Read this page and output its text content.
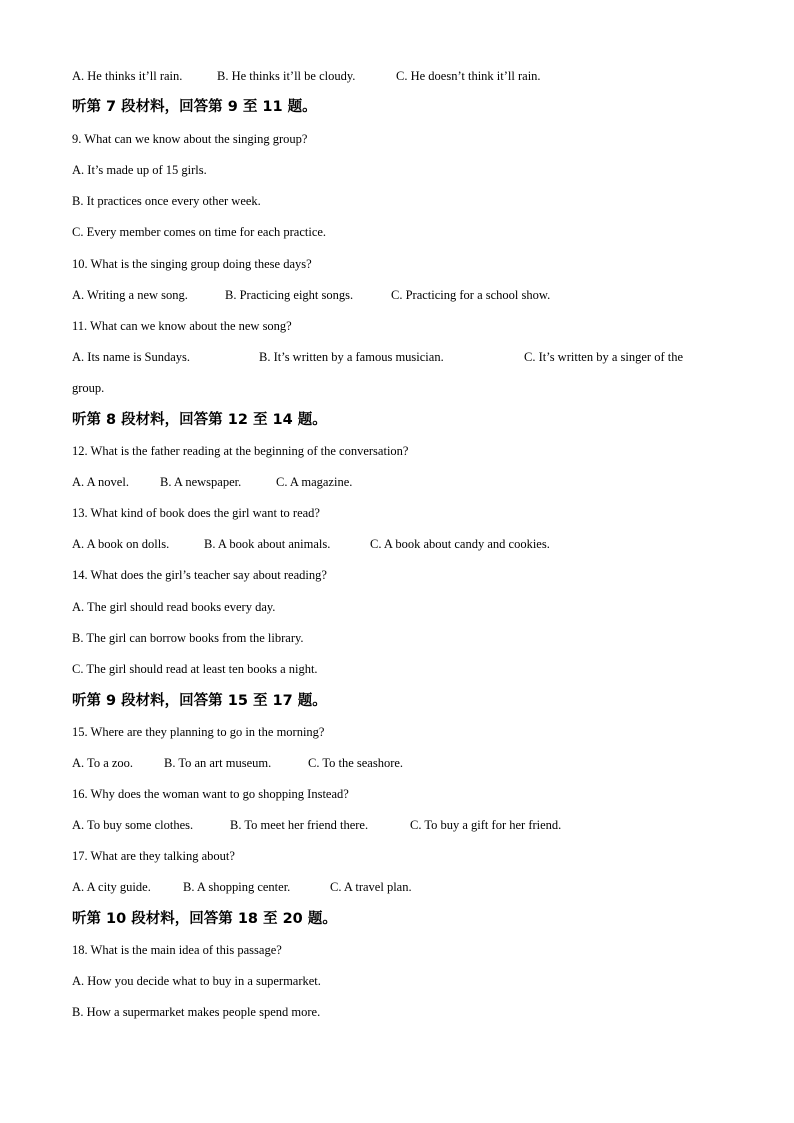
A. He thinks it’ll rain.	B. He thinks it’ll be cloudy.	C. He doesn’t think it’ll rain.
听第 7 段材料，回答第 9 至 11 题。
9. What can we know about the singing group?
A. It’s made up of 15 girls.
B. It practices once every other week.
C. Every member comes on time for each practice.
10. What is the singing group doing these days?
A. Writing a new song.	B. Practicing eight songs.	C. Practicing for a school show.
11. What can we know about the new song?
A. Its name is Sundays.	B. It’s written by a famous musician.	C. It’s written by a singer of the
group.
听第 8 段材料，回答第 12 至 14 题。
12. What is the father reading at the beginning of the conversation?
A. A novel. B. A newspaper.	C. A magazine.
13. What kind of book does the girl want to read?
A. A book on dolls.	B. A book about animals.	C. A book about candy and cookies.
14. What does the girl’s teacher say about reading?
A. The girl should read books every day.
B. The girl can borrow books from the library.
C. The girl should read at least ten books a night.
听第 9 段材料，回答第 15 至 17 题。
15. Where are they planning to go in the morning?
A. To a zoo. B. To an art museum.	C. To the seashore.
16. Why does the woman want to go shopping Instead?
A. To buy some clothes.	B. To meet her friend there.	C. To buy a gift for her friend.
17. What are they talking about?
A. A city guide.	B. A shopping center.	C. A travel plan.
听第 10 段材料，回答第 18 至 20 题。
18. What is the main idea of this passage?
A. How you decide what to buy in a supermarket.
B. How a supermarket makes people spend more.
